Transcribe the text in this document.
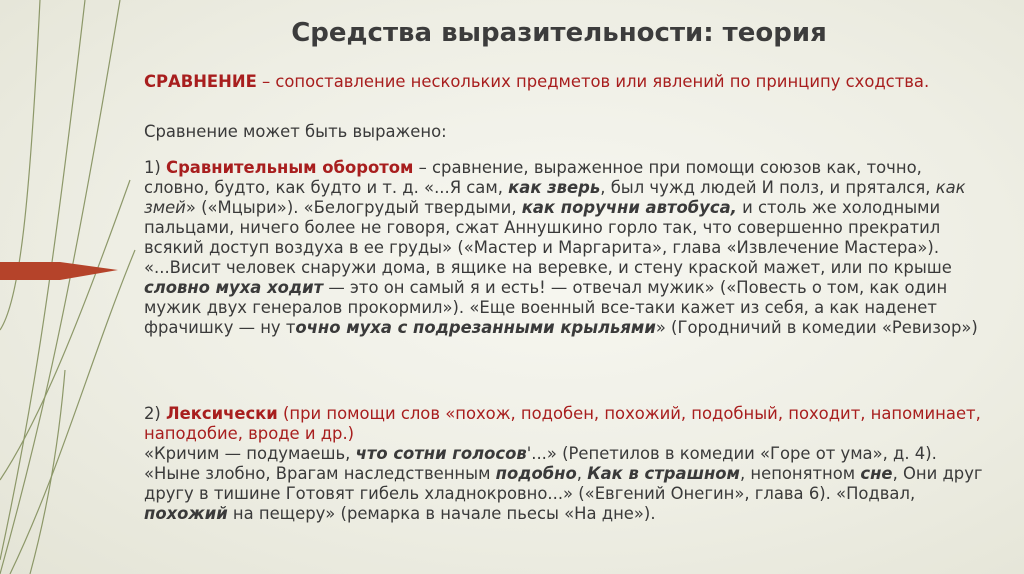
Средства выразительности: теория
СРАВНЕНИЕ – сопоставление нескольких предметов или явлений по принципу сходства.
Сравнение может быть выражено:
1) Сравнительным оборотом – сравнение, выраженное при помощи союзов как, точно, словно, будто, как будто и т. д. «...Я сам, как зверь, был чужд людей И полз, и прятался, как змей» («Мцыри»). «Белогрудый твердыми, как поручни автобуса, и столь же холодными пальцами, ничего более не говоря, сжат Аннушкино горло так, что совершенно прекратил всякий доступ воздуха в ее груды» («Мастер и Маргарита», глава «Извлечение Мастера»). «...Висит человек снаружи дома, в ящике на веревке, и стену краской мажет, или по крыше словно муха ходит — это он самый я и есть! — отвечал мужик» («Повесть о том, как один мужик двух генералов прокормил»). «Еще военный все-таки кажет из себя, а как наденет фрачишку — ну точно муха с подрезанными крыльями» (Городничий в комедии «Ревизор»)
2) Лексически (при помощи слов «похож, подобен, похожий, подобный, походит, напоминает, наподобие, вроде и др.)
«Кричим — подумаешь, что сотни голосов'...» (Репетилов в комедии «Горе от ума», д. 4). «Ныне злобно, Врагам наследственным подобно, Как в страшном, непонятном сне, Они друг другу в тишине Готовят гибель хладнокровно...» («Евгений Онегин», глава 6). «Подвал, похожий на пещеру» (ремарка в начале пьесы «На дне»).
